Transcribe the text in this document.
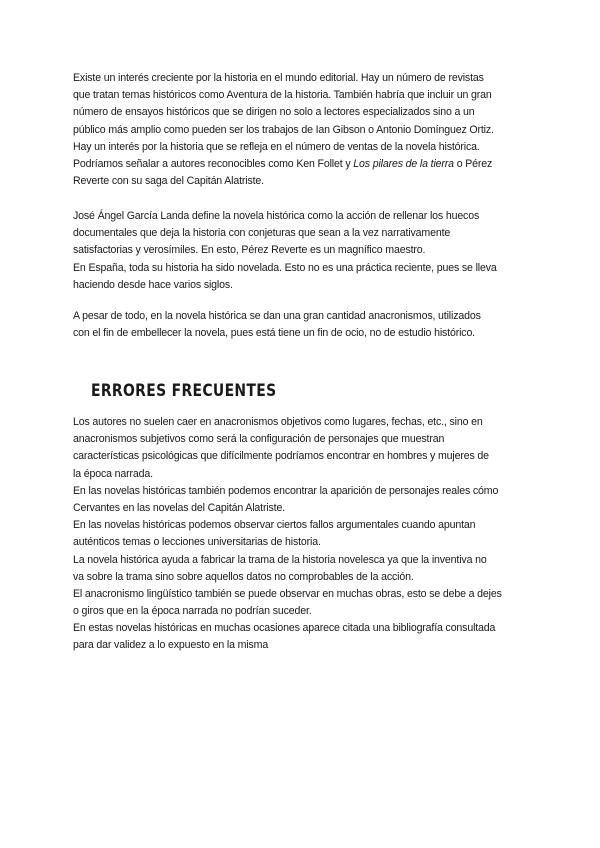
Existe un interés creciente por la historia en el mundo editorial. Hay un número de revistas
que tratan temas históricos como Aventura de la historia. También habría que incluir un gran
número de ensayos históricos que se dirigen no solo a lectores especializados sino a un
público más amplio como pueden ser los trabajos de Ian Gibson o Antonio Domínguez Ortiz.
Hay un interés por la historia que se refleja en el número de ventas de la novela histórica.
Podríamos señalar a autores reconocibles como Ken Follet y Los pilares de la tierra o Pérez
Reverte con su saga del Capitán Alatriste.
José Ángel García Landa define la novela histórica como la acción de rellenar los huecos
documentales que deja la historia con conjeturas que sean a la vez narrativamente
satisfactorias y verosímiles. En esto, Pérez Reverte es un magnífico maestro.
En España, toda su historia ha sido novelada. Esto no es una práctica reciente, pues se lleva
haciendo desde hace varios siglos.
A pesar de todo, en la novela histórica se dan una gran cantidad anacronismos, utilizados
con el fin de embellecer la novela, pues está tiene un fin de ocio, no de estudio histórico.
ERRORES FRECUENTES
Los autores no suelen caer en anacronismos objetivos como lugares, fechas, etc., sino en
anacronismos subjetivos como será la configuración de personajes que muestran
características psicológicas que difícilmente podríamos encontrar en hombres y mujeres de
la época narrada.
En las novelas históricas también podemos encontrar la aparición de personajes reales cómo
Cervantes en las novelas del Capitán Alatriste.
En las novelas históricas podemos observar ciertos fallos argumentales cuando apuntan
auténticos temas o lecciones universitarias de historia.
La novela histórica ayuda a fabricar la trama de la historia novelesca ya que la inventiva no
va sobre la trama sino sobre aquellos datos no comprobables de la acción.
El anacronismo lingüístico también se puede observar en muchas obras, esto se debe a dejes
o giros que en la época narrada no podrían suceder.
En estas novelas históricas en muchas ocasiones aparece citada una bibliografía consultada
para dar validez a lo expuesto en la misma
